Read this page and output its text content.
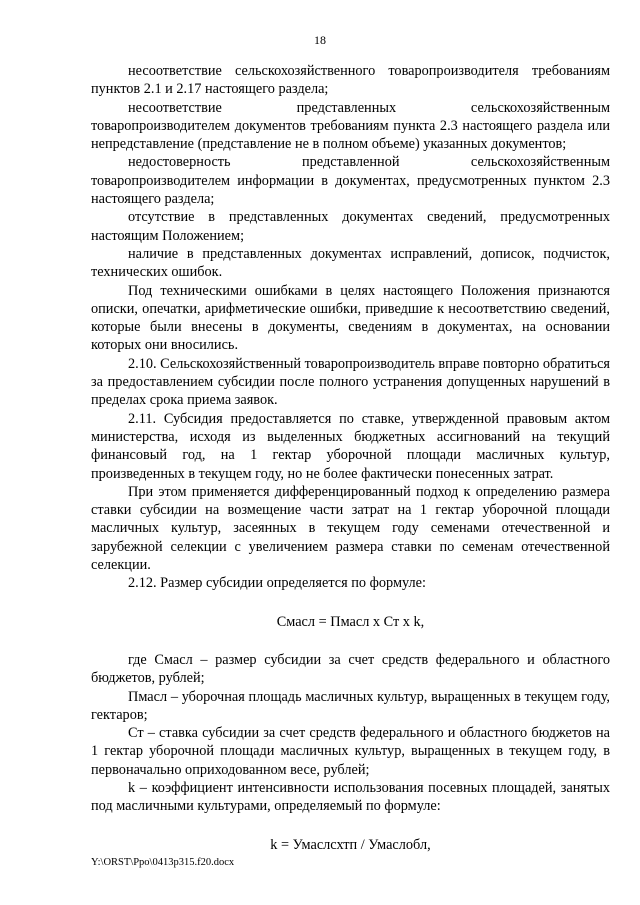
18

несоответствие сельскохозяйственного товаропроизводителя требованиям пунктов 2.1 и 2.17 настоящего раздела;

несоответствие представленных сельскохозяйственным товаропроизводителем документов требованиям пункта 2.3 настоящего раздела или непредставление (представление не в полном объеме) указанных документов;

недостоверность представленной сельскохозяйственным товаропроизводителем информации в документах, предусмотренных пунктом 2.3 настоящего раздела;

отсутствие в представленных документах сведений, предусмотренных настоящим Положением;

наличие в представленных документах исправлений, дописок, подчисток, технических ошибок.

Под техническими ошибками в целях настоящего Положения признаются описки, опечатки, арифметические ошибки, приведшие к несоответствию сведений, которые были внесены в документы, сведениям в документах, на основании которых они вносились.

2.10. Сельскохозяйственный товаропроизводитель вправе повторно обратиться за предоставлением субсидии после полного устранения допущенных нарушений в пределах срока приема заявок.

2.11. Субсидия предоставляется по ставке, утвержденной правовым актом министерства, исходя из выделенных бюджетных ассигнований на текущий финансовый год, на 1 гектар уборочной площади масличных культур, произведенных в текущем году, но не более фактически понесенных затрат.

При этом применяется дифференцированный подход к определению размера ставки субсидии на возмещение части затрат на 1 гектар уборочной площади масличных культур, засеянных в текущем году семенами отечественной и зарубежной селекции с увеличением размера ставки по семенам отечественной селекции.

2.12. Размер субсидии определяется по формуле:

Смасл = Пмасл х Ст х k,

где Смасл – размер субсидии за счет средств федерального и областного бюджетов, рублей;

Пмасл – уборочная площадь масличных культур, выращенных в текущем году, гектаров;

Ст – ставка субсидии за счет средств федерального и областного бюджетов на 1 гектар уборочной площади масличных культур, выращенных в текущем году, в первоначально оприходованном весе, рублей;

k – коэффициент интенсивности использования посевных площадей, занятых под масличными культурами, определяемый по формуле:

k = Умаслсхтп / Умаслобл,

Y:\ORST\Ppo\0413p315.f20.docx
